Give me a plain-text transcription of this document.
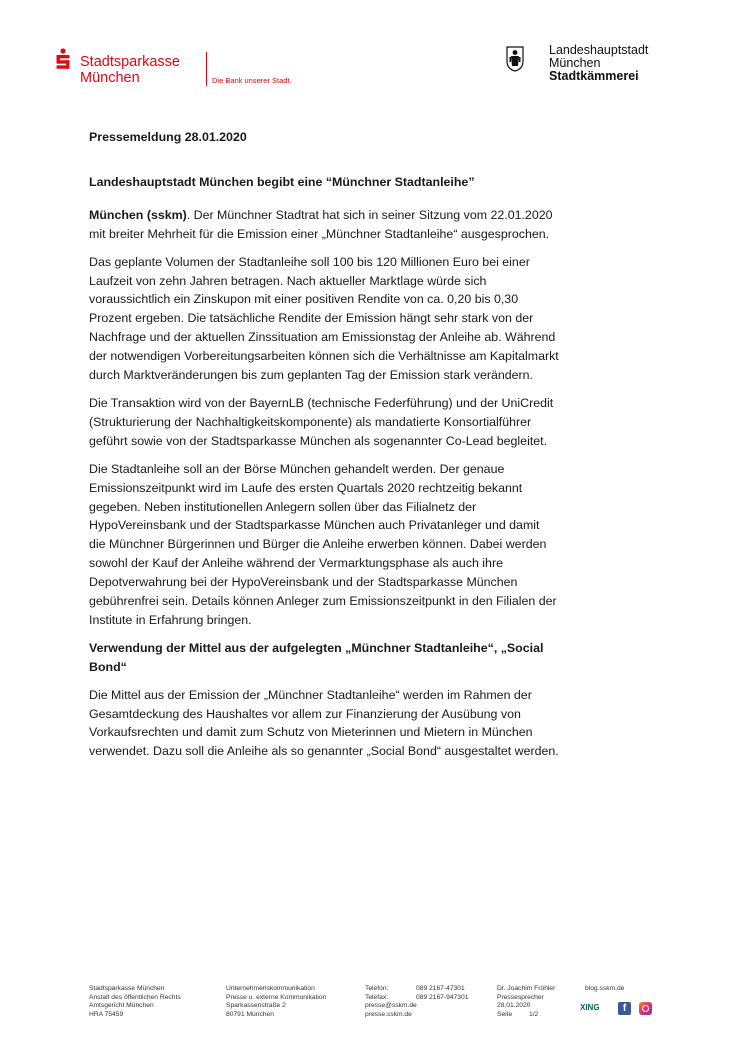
Stadtsparkasse
München	Die Bank unserer Stadt.
Landeshauptstadt
München
Stadtkämmerei

Pressemeldung 28.01.2020

Landeshauptstadt München begibt eine “Münchner Stadtanleihe”

München (sskm). Der Münchner Stadtrat hat sich in seiner Sitzung vom 22.01.2020 mit breiter Mehrheit für die Emission einer „Münchner Stadtanleihe“ ausgesprochen.

Das geplante Volumen der Stadtanleihe soll 100 bis 120 Millionen Euro bei einer Laufzeit von zehn Jahren betragen. Nach aktueller Marktlage würde sich voraussichtlich ein Zinskupon mit einer positiven Rendite von ca. 0,20 bis 0,30 Prozent ergeben. Die tatsächliche Rendite der Emission hängt sehr stark von der Nachfrage und der aktuellen Zinssituation am Emissionstag der Anleihe ab. Während der notwendigen Vorbereitungsarbeiten können sich die Verhältnisse am Kapitalmarkt durch Marktveränderungen bis zum geplanten Tag der Emission stark verändern.

Die Transaktion wird von der BayernLB (technische Federführung) und der UniCredit (Strukturierung der Nachhaltigkeitskomponente) als mandatierte Konsortialführer geführt sowie von der Stadtsparkasse München als sogenannter Co-Lead begleitet.

Die Stadtanleihe soll an der Börse München gehandelt werden. Der genaue Emissionszeitpunkt wird im Laufe des ersten Quartals 2020 rechtzeitig bekannt gegeben. Neben institutionellen Anlegern sollen über das Filialnetz der HypoVereinsbank und der Stadtsparkasse München auch Privatanleger und damit die Münchner Bürgerinnen und Bürger die Anleihe erwerben können. Dabei werden sowohl der Kauf der Anleihe während der Vermarktungsphase als auch ihre Depotverwahrung bei der HypoVereinsbank und der Stadtsparkasse München gebührenfrei sein. Details können Anleger zum Emissionszeitpunkt in den Filialen der Institute in Erfahrung bringen.

Verwendung der Mittel aus der aufgelegten „Münchner Stadtanleihe“, „Social Bond“

Die Mittel aus der Emission der „Münchner Stadtanleihe“ werden im Rahmen der Gesamtdeckung des Haushaltes vor allem zur Finanzierung der Ausübung von Vorkaufsrechten und damit zum Schutz von Mieterinnen und Mietern in München verwendet. Dazu soll die Anleihe als so genannter „Social Bond“ ausgestaltet werden.

Stadtsparkasse München
Anstalt des öffentlichen Rechts
Amtsgericht München
HRA 75459
Unternehmenskommunikation
Presse u. externe Kommunikation
Sparkassenstraße 2
80791 München
Telefon:
Telefax:
presse@sskm.de
presse.sskm.de
089 2167-47301
089 2167-947301
Dr. Joachim Fröhler
Pressesprecher
28.01.2020
Seite 1/2
blog.sskm.de
XING	f
